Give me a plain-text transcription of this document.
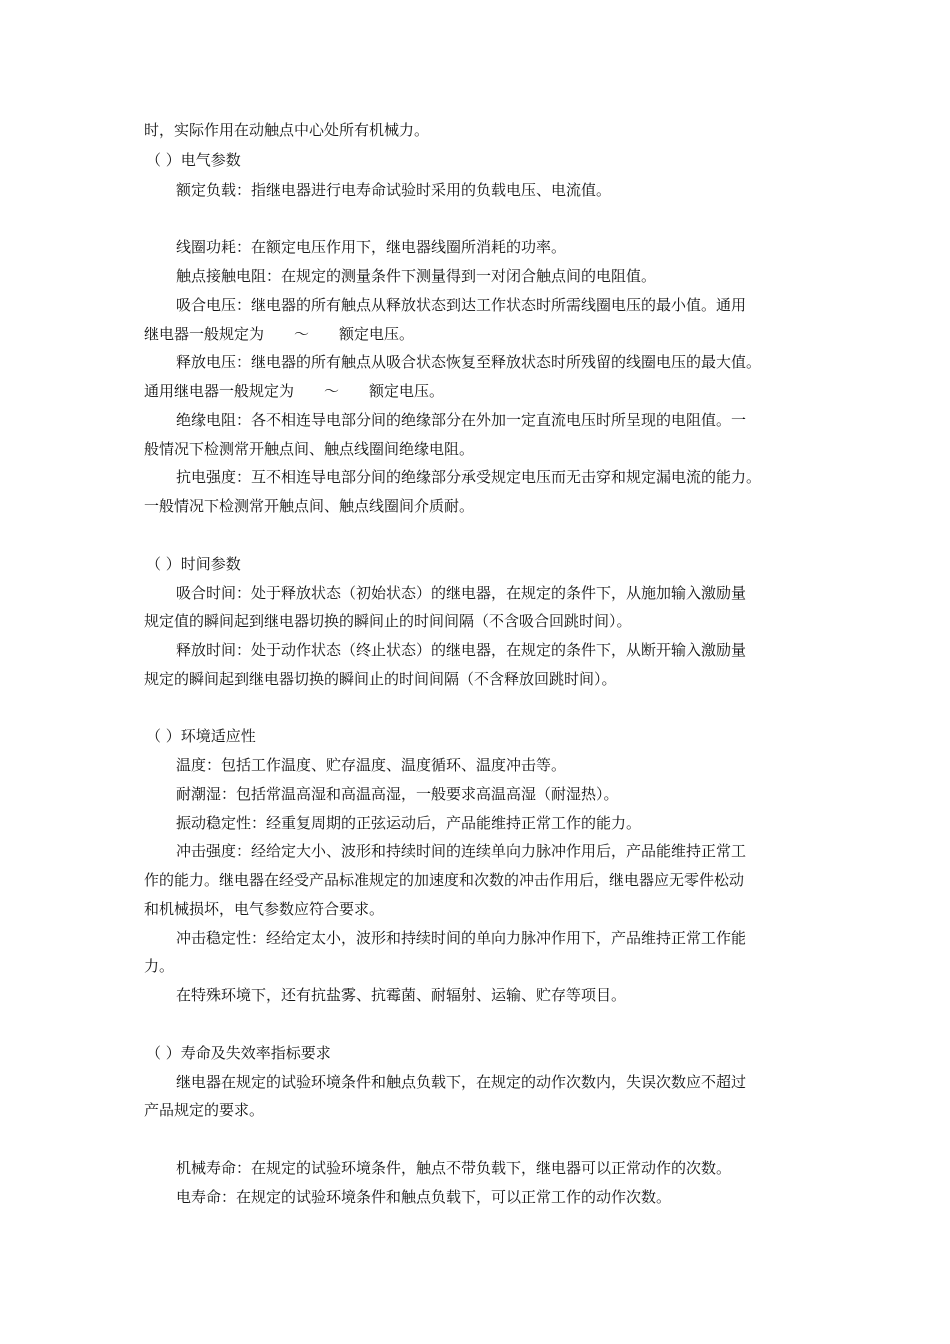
时，实际作用在动触点中心处所有机械力。
（ ）电气参数
额定负载：指继电器进行电寿命试验时采用的负载电压、电流值。
线圈功耗：在额定电压作用下，继电器线圈所消耗的功率。
触点接触电阻：在规定的测量条件下测量得到一对闭合触点间的电阻值。
吸合电压：继电器的所有触点从释放状态到达工作状态时所需线圈电压的最小值。通用
继电器一般规定为　　～　　额定电压。
释放电压：继电器的所有触点从吸合状态恢复至释放状态时所残留的线圈电压的最大值。
通用继电器一般规定为　　～　　额定电压。
绝缘电阻：各不相连导电部分间的绝缘部分在外加一定直流电压时所呈现的电阻值。一
般情况下检测常开触点间、触点线圈间绝缘电阻。
抗电强度：互不相连导电部分间的绝缘部分承受规定电压而无击穿和规定漏电流的能力。
一般情况下检测常开触点间、触点线圈间介质耐。
（ ）时间参数
吸合时间：处于释放状态（初始状态）的继电器，在规定的条件下，从施加输入激励量
规定值的瞬间起到继电器切换的瞬间止的时间间隔（不含吸合回跳时间）。
释放时间：处于动作状态（终止状态）的继电器，在规定的条件下，从断开输入激励量
规定的瞬间起到继电器切换的瞬间止的时间间隔（不含释放回跳时间）。
（ ）环境适应性
温度：包括工作温度、贮存温度、温度循环、温度冲击等。
耐潮湿：包括常温高湿和高温高湿，一般要求高温高湿（耐湿热）。
振动稳定性：经重复周期的正弦运动后，产品能维持正常工作的能力。
冲击强度：经给定大小、波形和持续时间的连续单向力脉冲作用后，产品能维持正常工
作的能力。继电器在经受产品标准规定的加速度和次数的冲击作用后，继电器应无零件松动
和机械损坏，电气参数应符合要求。
冲击稳定性：经给定太小，波形和持续时间的单向力脉冲作用下，产品维持正常工作能
力。
在特殊环境下，还有抗盐雾、抗霉菌、耐辐射、运输、贮存等项目。
（ ）寿命及失效率指标要求
继电器在规定的试验环境条件和触点负载下，在规定的动作次数内，失误次数应不超过
产品规定的要求。
机械寿命：在规定的试验环境条件，触点不带负载下，继电器可以正常动作的次数。
电寿命：在规定的试验环境条件和触点负载下，可以正常工作的动作次数。
